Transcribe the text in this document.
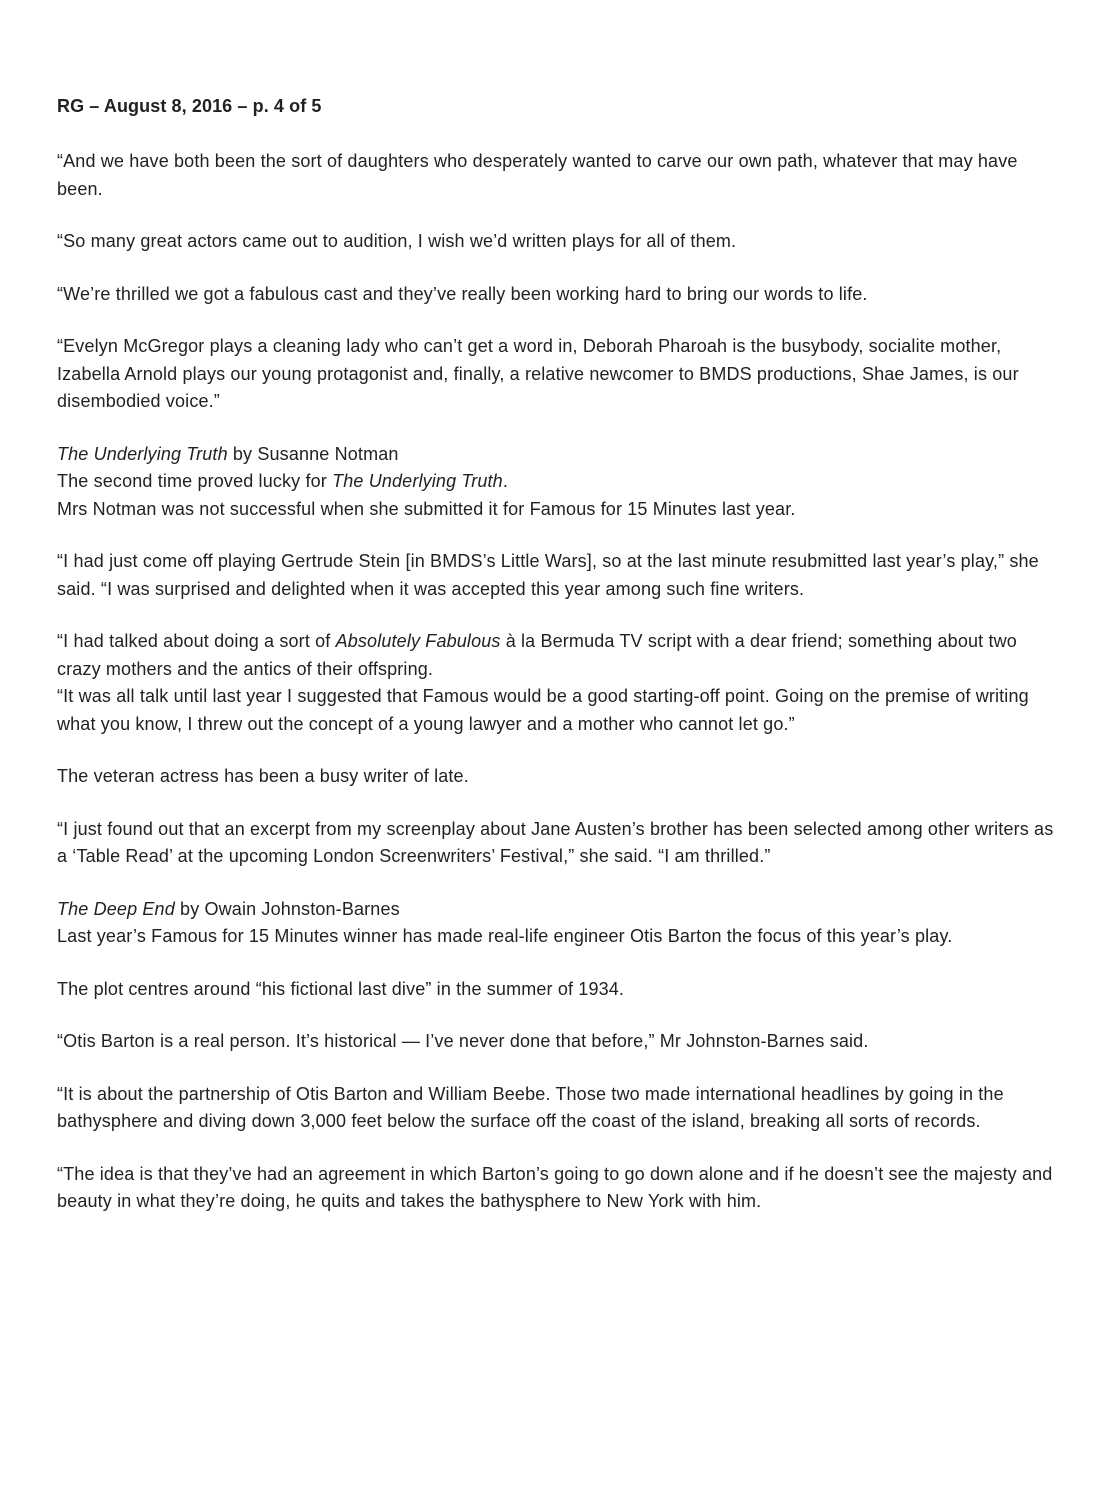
RG – August 8, 2016 – p. 4 of 5
“And we have both been the sort of daughters who desperately wanted to carve our own path, whatever that may have been.
“So many great actors came out to audition, I wish we’d written plays for all of them.
“We’re thrilled we got a fabulous cast and they’ve really been working hard to bring our words to life.
“Evelyn McGregor plays a cleaning lady who can’t get a word in, Deborah Pharoah is the busybody, socialite mother, Izabella Arnold plays our young protagonist and, finally, a relative newcomer to BMDS productions, Shae James, is our disembodied voice.”
The Underlying Truth by Susanne Notman
The second time proved lucky for The Underlying Truth.
Mrs Notman was not successful when she submitted it for Famous for 15 Minutes last year.
“I had just come off playing Gertrude Stein [in BMDS’s Little Wars], so at the last minute resubmitted last year’s play,” she said. “I was surprised and delighted when it was accepted this year among such fine writers.
“I had talked about doing a sort of Absolutely Fabulous à la Bermuda TV script with a dear friend; something about two crazy mothers and the antics of their offspring.
“It was all talk until last year I suggested that Famous would be a good starting-off point. Going on the premise of writing what you know, I threw out the concept of a young lawyer and a mother who cannot let go.”
The veteran actress has been a busy writer of late.
“I just found out that an excerpt from my screenplay about Jane Austen’s brother has been selected among other writers as a ‘Table Read’ at the upcoming London Screenwriters’ Festival,” she said. “I am thrilled.”
The Deep End by Owain Johnston-Barnes
Last year’s Famous for 15 Minutes winner has made real-life engineer Otis Barton the focus of this year’s play.
The plot centres around “his fictional last dive” in the summer of 1934.
“Otis Barton is a real person. It’s historical — I’ve never done that before,” Mr Johnston-Barnes said.
“It is about the partnership of Otis Barton and William Beebe. Those two made international headlines by going in the bathysphere and diving down 3,000 feet below the surface off the coast of the island, breaking all sorts of records.
“The idea is that they’ve had an agreement in which Barton’s going to go down alone and if he doesn’t see the majesty and beauty in what they’re doing, he quits and takes the bathysphere to New York with him.
